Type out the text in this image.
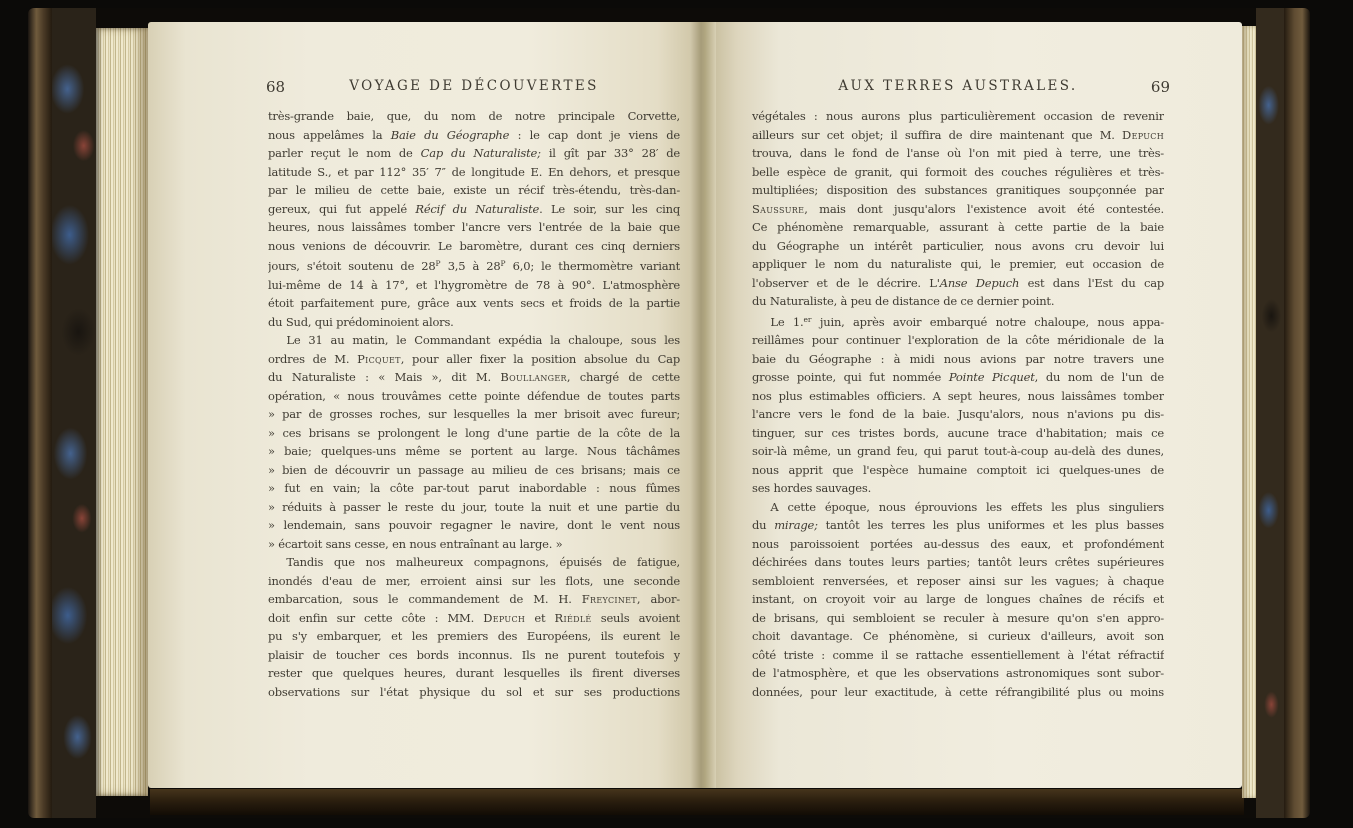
68	VOYAGE DE DÉCOUVERTES
très-grande baie, que, du nom de notre principale Corvette,
nous appelâmes la Baie du Géographe : le cap dont je viens de
parler reçut le nom de Cap du Naturaliste; il gît par 33° 28′ de
latitude S., et par 112° 35′ 7″ de longitude E. En dehors, et presque
par le milieu de cette baie, existe un récif très-étendu, très-dan-
gereux, qui fut appelé Récif du Naturaliste. Le soir, sur les cinq
heures, nous laissâmes tomber l'ancre vers l'entrée de la baie que
nous venions de découvrir. Le baromètre, durant ces cinq derniers
jours, s'étoit soutenu de $28^P$ 3,5 à $28^P$ 6,0; le thermomètre variant
lui-même de 14 à 17°, et l'hygromètre de 78 à 90°. L'atmosphère
étoit parfaitement pure, grâce aux vents secs et froids de la partie
du Sud, qui prédominoient alors.
Le 31 au matin, le Commandant expédia la chaloupe, sous les
ordres de M. Picquet, pour aller fixer la position absolue du Cap
du Naturaliste : « Mais », dit M. Boullanger, chargé de cette
opération, « nous trouvâmes cette pointe défendue de toutes parts
» par de grosses roches, sur lesquelles la mer brisoit avec fureur;
» ces brisans se prolongent le long d'une partie de la côte de la
» baie; quelques-uns même se portent au large. Nous tâchâmes
» bien de découvrir un passage au milieu de ces brisans; mais ce
» fut en vain; la côte par-tout parut inabordable : nous fûmes
» réduits à passer le reste du jour, toute la nuit et une partie du
» lendemain, sans pouvoir regagner le navire, dont le vent nous
» écartoit sans cesse, en nous entraînant au large. »
Tandis que nos malheureux compagnons, épuisés de fatigue,
inondés d'eau de mer, erroient ainsi sur les flots, une seconde
embarcation, sous le commandement de M. H. Freycinet, abor-
doit enfin sur cette côte : MM. Depuch et Riédlé seuls avoient
pu s'y embarquer, et les premiers des Européens, ils eurent le
plaisir de toucher ces bords inconnus. Ils ne purent toutefois y
rester que quelques heures, durant lesquelles ils firent diverses
observations sur l'état physique du sol et sur ses productions
AUX TERRES AUSTRALES.	69
végétales : nous aurons plus particulièrement occasion de revenir
ailleurs sur cet objet; il suffira de dire maintenant que M. Depuch
trouva, dans le fond de l'anse où l'on mit pied à terre, une très-
belle espèce de granit, qui formoit des couches régulières et très-
multipliées; disposition des substances granitiques soupçonnée par
Saussure, mais dont jusqu'alors l'existence avoit été contestée.
Ce phénomène remarquable, assurant à cette partie de la baie
du Géographe un intérêt particulier, nous avons cru devoir lui
appliquer le nom du naturaliste qui, le premier, eut occasion de
l'observer et de le décrire. L'Anse Depuch est dans l'Est du cap
du Naturaliste, à peu de distance de ce dernier point.
Le 1.$^{er}$ juin, après avoir embarqué notre chaloupe, nous appa-
reillâmes pour continuer l'exploration de la côte méridionale de la
baie du Géographe : à midi nous avions par notre travers une
grosse pointe, qui fut nommée Pointe Picquet, du nom de l'un de
nos plus estimables officiers. A sept heures, nous laissâmes tomber
l'ancre vers le fond de la baie. Jusqu'alors, nous n'avions pu dis-
tinguer, sur ces tristes bords, aucune trace d'habitation; mais ce
soir-là même, un grand feu, qui parut tout-à-coup au-delà des dunes,
nous apprit que l'espèce humaine comptoit ici quelques-unes de
ses hordes sauvages.
A cette époque, nous éprouvions les effets les plus singuliers
du mirage; tantôt les terres les plus uniformes et les plus basses
nous paroissoient portées au-dessus des eaux, et profondément
déchirées dans toutes leurs parties; tantôt leurs crêtes supérieures
sembloient renversées, et reposer ainsi sur les vagues; à chaque
instant, on croyoit voir au large de longues chaînes de récifs et
de brisans, qui sembloient se reculer à mesure qu'on s'en appro-
choit davantage. Ce phénomène, si curieux d'ailleurs, avoit son
côté triste : comme il se rattache essentiellement à l'état réfractif
de l'atmosphère, et que les observations astronomiques sont subor-
données, pour leur exactitude, à cette réfrangibilité plus ou moins
